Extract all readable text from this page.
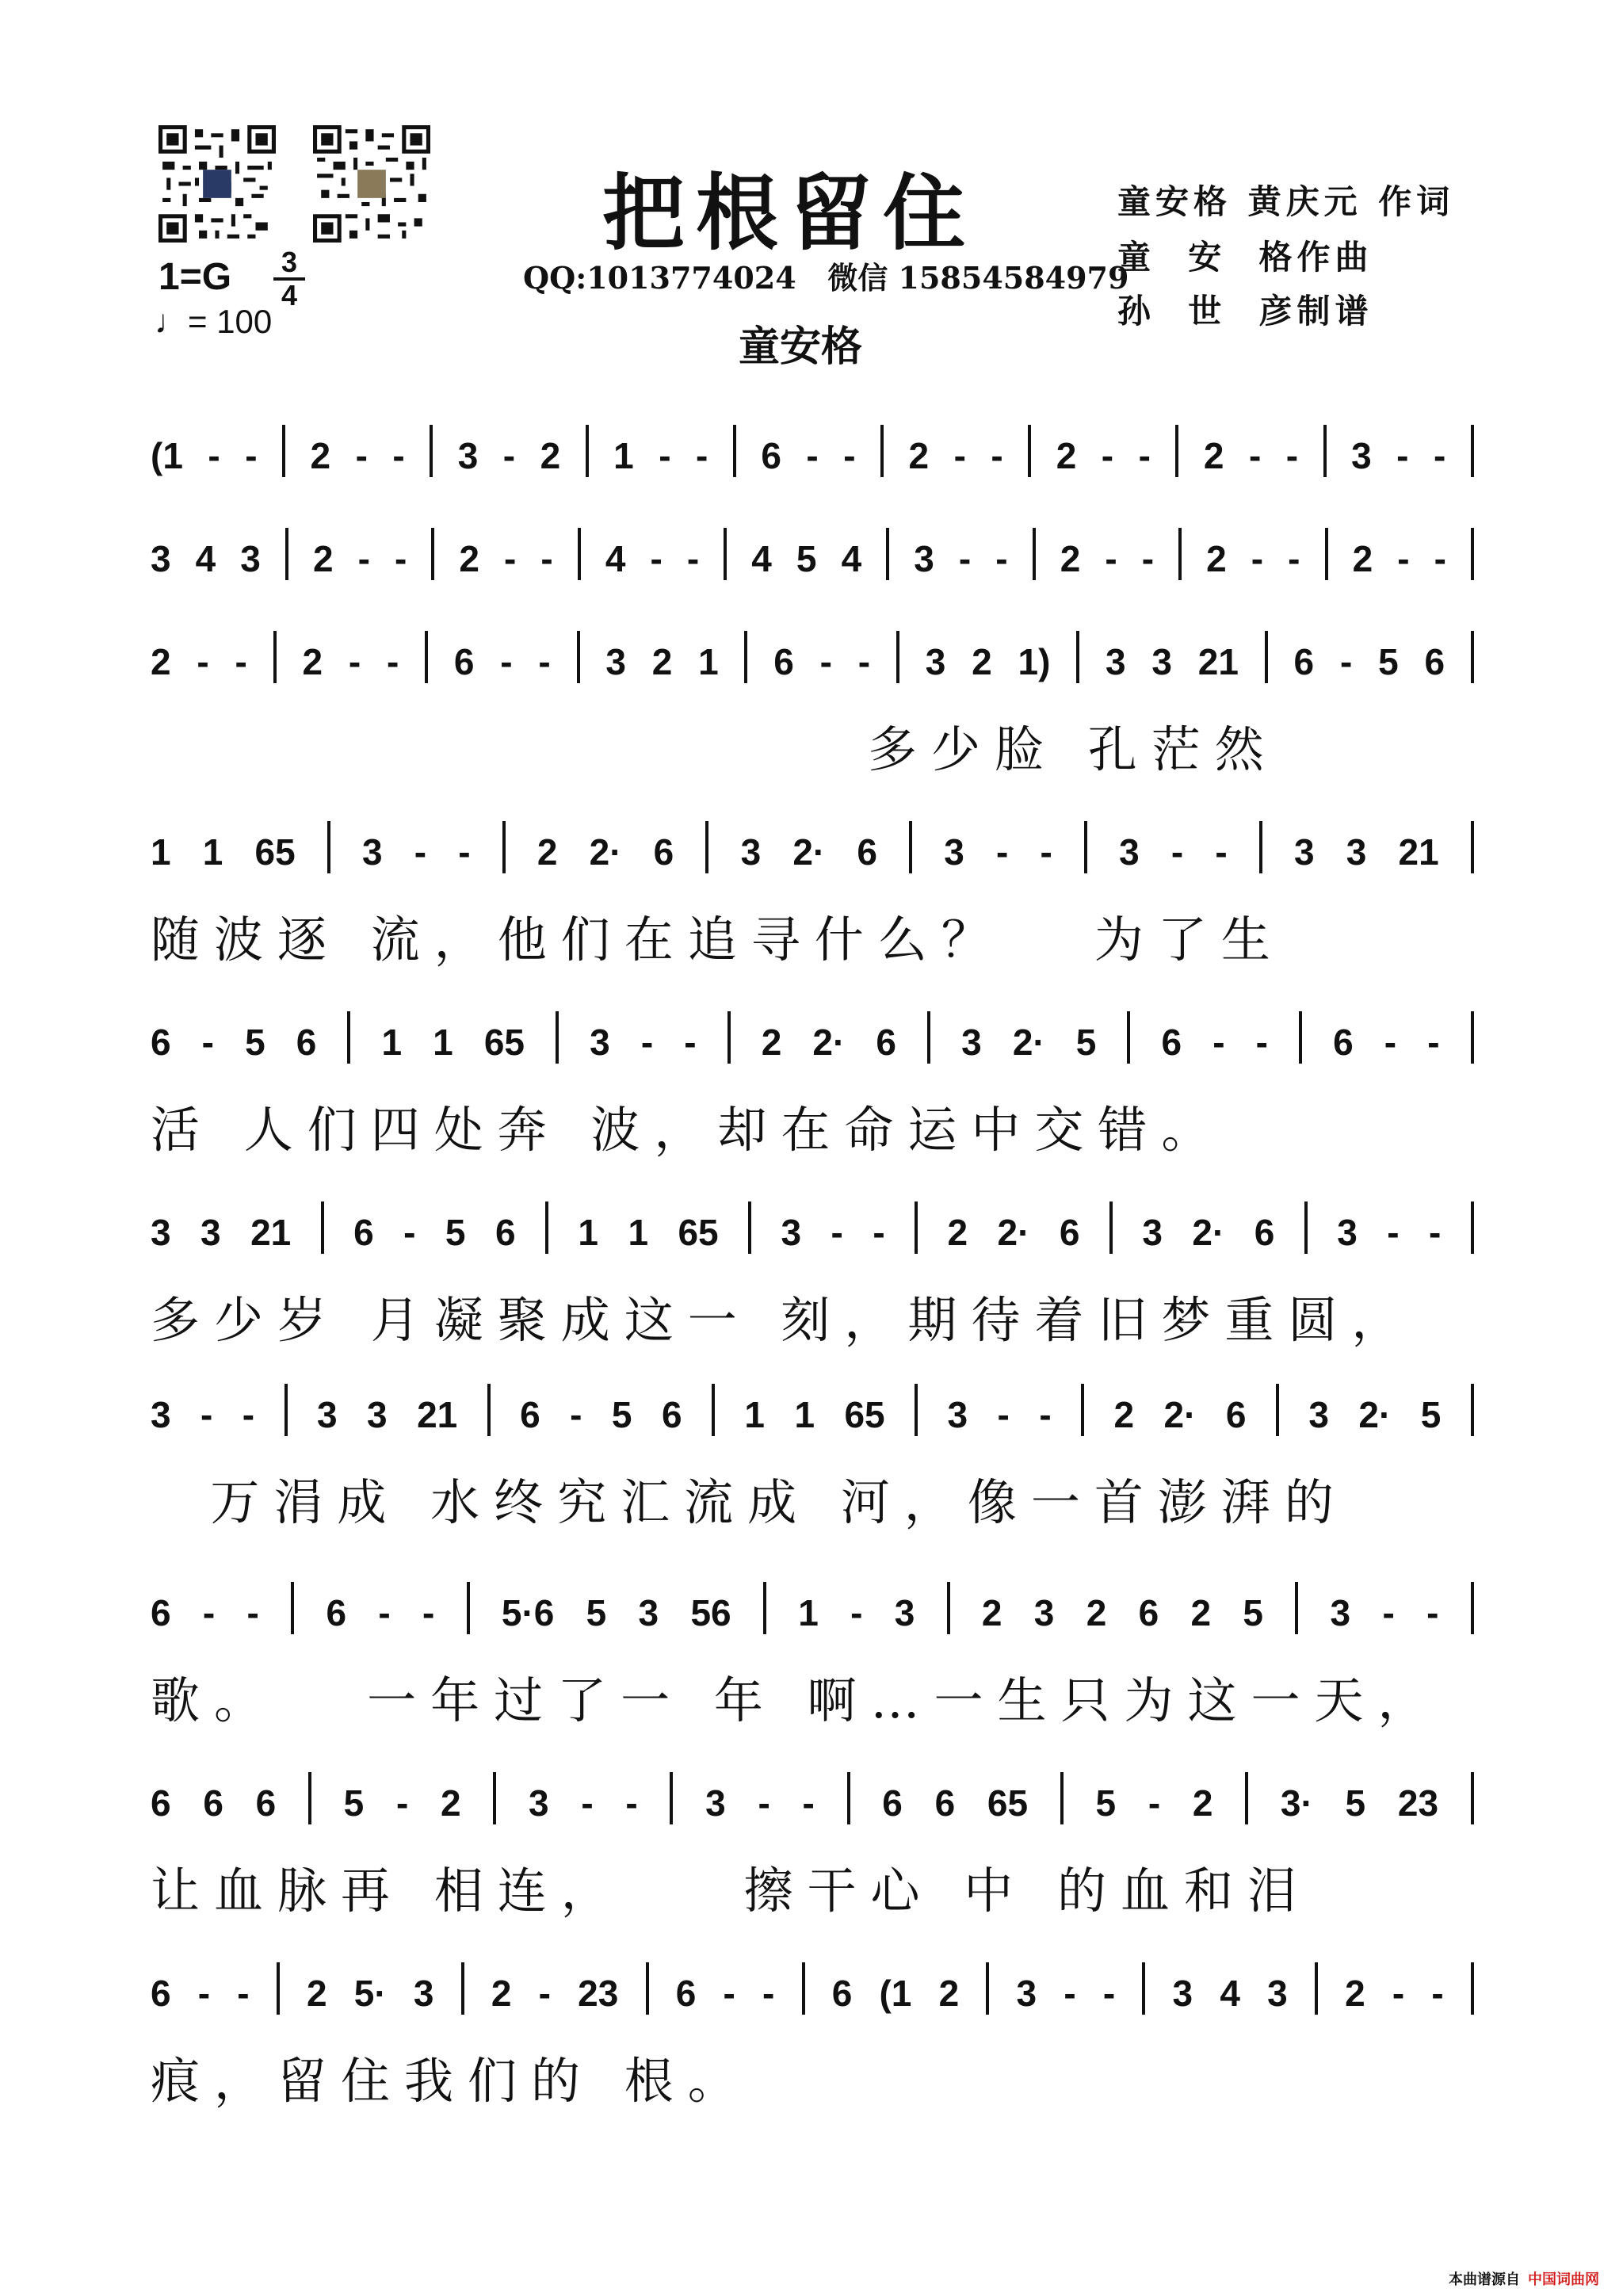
把根留住	童安格 黄庆元 作词
童  安  格作曲
孙  世  彦制谱
1=G 3
4
♩= 100
QQ:1013774024   微信 15854584979
童安格
(1 - - 2 - - 3 - 2 1 - - 6 - - 2 - - 2 - - 2 - - 3 - -
3 4 3 2 - - 2 - - 4 - - 4 5 4 3 - - 2 - - 2 - - 2 - -
2 - - 2 - - 6 - - 3 2 1 6 - - 3 2 1) 3 3 21 6 - 5 6
多少脸 孔茫然
1 1 65 3 - - 2 2· 6 3 2· 6 3 - - 3 - - 3 3 21
随波逐 流，他们在追寻什么？   为了生
6 - 5 6 1 1 65 3 - - 2 2· 6 3 2· 5 6 - - 6 - -
活 人们四处奔 波，却在命运中交错。
3 3 21 6 - 5 6 1 1 65 3 - - 2 2· 6 3 2· 6 3 - -
多少岁 月凝聚成这一 刻，期待着旧梦重圆，
3 - - 3 3 21 6 - 5 6 1 1 65 3 - - 2 2· 6 3 2· 5
万涓成 水终究汇流成 河，像一首澎湃的
6 - - 6 - - 5·6 5 3 56 1 - 3 2 3 2 6 2 5 3 - -
歌。   一年过了一 年 啊…一生只为这一天，
6 6 6 5 - 2 3 - - 3 - - 6 6 65 5 - 2 3· 5 23
让血脉再 相连，    擦干心 中 的血和泪
6 - - 2 5· 3 2 - 23 6 - - 6 (1 2 3 - - 3 4 3 2 - -
痕，留住我们的 根。
本曲谱源自 中国词曲网
